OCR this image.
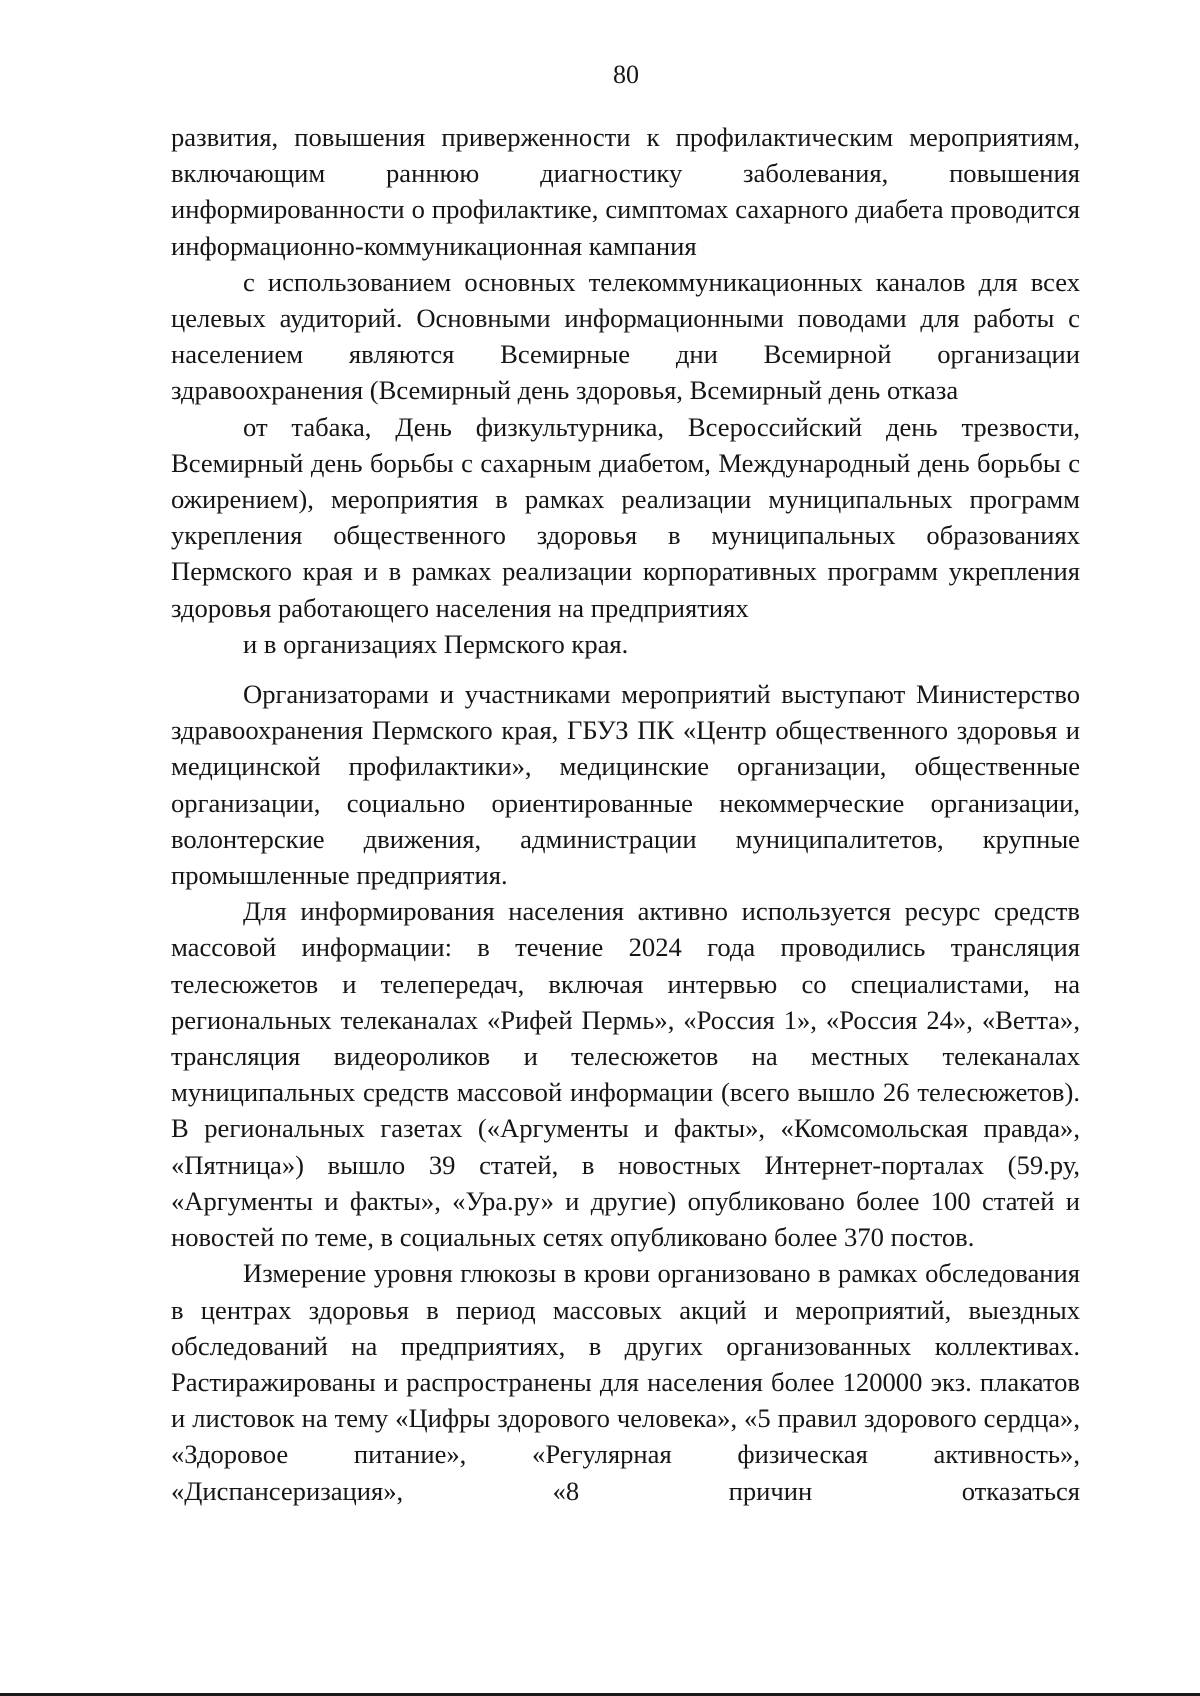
80

развития, повышения приверженности к профилактическим мероприятиям, включающим раннюю диагностику заболевания, повышения информированности о профилактике, симптомах сахарного диабета проводится информационно-коммуникационная кампания

с использованием основных телекоммуникационных каналов для всех целевых аудиторий. Основными информационными поводами для работы с населением являются Всемирные дни Всемирной организации здравоохранения (Всемирный день здоровья, Всемирный день отказа

от табака, День физкультурника, Всероссийский день трезвости, Всемирный день борьбы с сахарным диабетом, Международный день борьбы с ожирением), мероприятия в рамках реализации муниципальных программ укрепления общественного здоровья в муниципальных образованиях Пермского края и в рамках реализации корпоративных программ укрепления здоровья работающего населения на предприятиях

и в организациях Пермского края.

Организаторами и участниками мероприятий выступают Министерство здравоохранения Пермского края, ГБУЗ ПК «Центр общественного здоровья и медицинской профилактики», медицинские организации, общественные организации, социально ориентированные некоммерческие организации, волонтерские движения, администрации муниципалитетов, крупные промышленные предприятия.

Для информирования населения активно используется ресурс средств массовой информации: в течение 2024 года проводились трансляция телесюжетов и телепередач, включая интервью со специалистами, на региональных телеканалах «Рифей Пермь», «Россия 1», «Россия 24», «Ветта», трансляция видеороликов и телесюжетов на местных телеканалах муниципальных средств массовой информации (всего вышло 26 телесюжетов). В региональных газетах («Аргументы и факты», «Комсомольская правда», «Пятница») вышло 39 статей, в новостных Интернет-порталах (59.ру, «Аргументы и факты», «Ура.ру» и другие) опубликовано более 100 статей и новостей по теме, в социальных сетях опубликовано более 370 постов.

Измерение уровня глюкозы в крови организовано в рамках обследования в центрах здоровья в период массовых акций и мероприятий, выездных обследований на предприятиях, в других организованных коллективах. Растиражированы и распространены для населения более 120000 экз. плакатов и листовок на тему «Цифры здорового человека», «5 правил здорового сердца», «Здоровое питание», «Регулярная физическая активность», «Диспансеризация», «8 причин отказаться
